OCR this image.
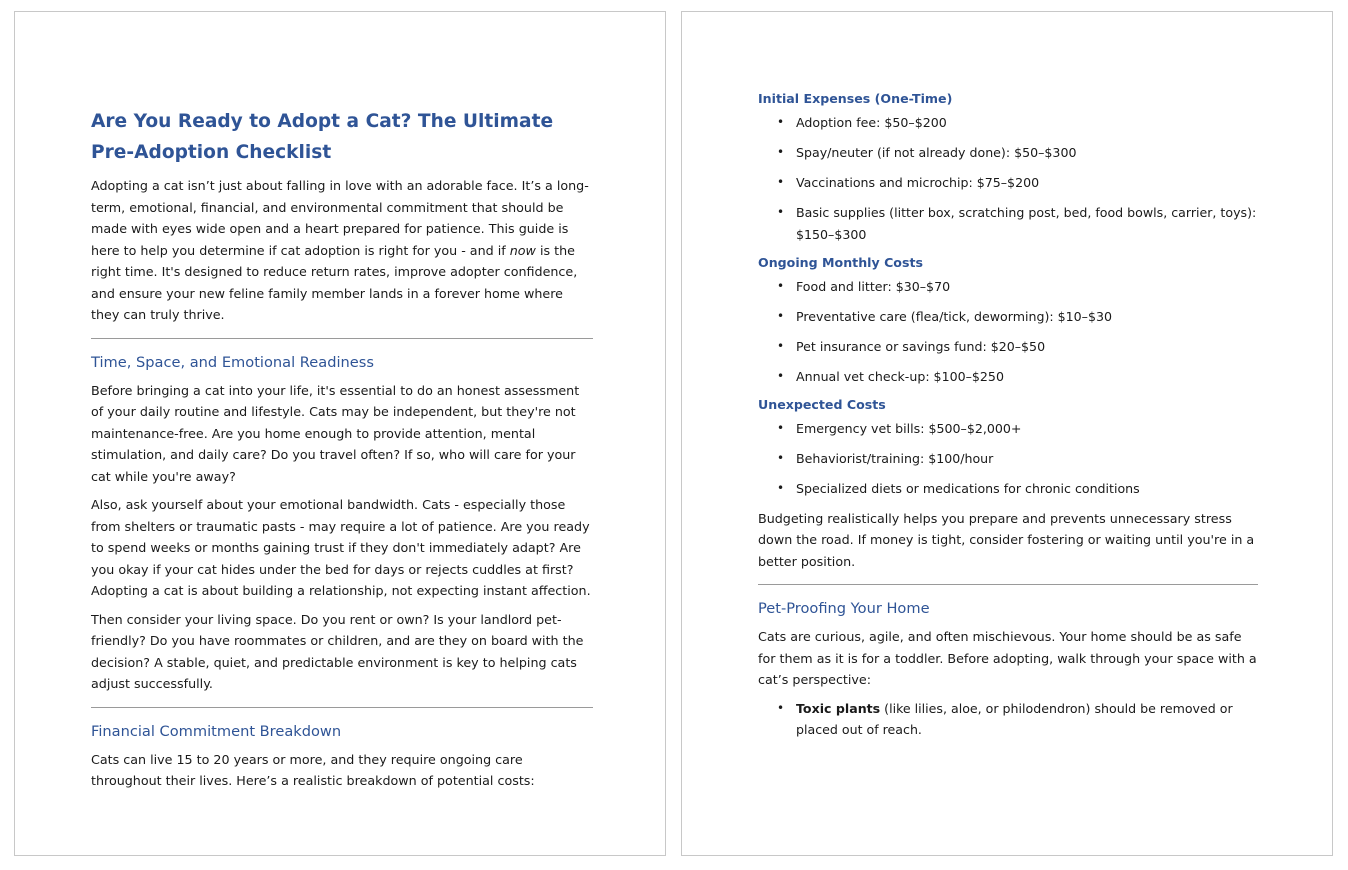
Are You Ready to Adopt a Cat? The Ultimate Pre-Adoption Checklist

Adopting a cat isn’t just about falling in love with an adorable face. It’s a long-term, emotional, financial, and environmental commitment that should be made with eyes wide open and a heart prepared for patience. This guide is here to help you determine if cat adoption is right for you - and if now is the right time. It's designed to reduce return rates, improve adopter confidence, and ensure your new feline family member lands in a forever home where they can truly thrive.

Time, Space, and Emotional Readiness

Before bringing a cat into your life, it's essential to do an honest assessment of your daily routine and lifestyle. Cats may be independent, but they're not maintenance-free. Are you home enough to provide attention, mental stimulation, and daily care? Do you travel often? If so, who will care for your cat while you're away?

Also, ask yourself about your emotional bandwidth. Cats - especially those from shelters or traumatic pasts - may require a lot of patience. Are you ready to spend weeks or months gaining trust if they don't immediately adapt? Are you okay if your cat hides under the bed for days or rejects cuddles at first? Adopting a cat is about building a relationship, not expecting instant affection.

Then consider your living space. Do you rent or own? Is your landlord pet-friendly? Do you have roommates or children, and are they on board with the decision? A stable, quiet, and predictable environment is key to helping cats adjust successfully.

Financial Commitment Breakdown

Cats can live 15 to 20 years or more, and they require ongoing care throughout their lives. Here’s a realistic breakdown of potential costs:

Initial Expenses (One-Time)
• Adoption fee: $50–$200
• Spay/neuter (if not already done): $50–$300
• Vaccinations and microchip: $75–$200
• Basic supplies (litter box, scratching post, bed, food bowls, carrier, toys): $150–$300
Ongoing Monthly Costs
• Food and litter: $30–$70
• Preventative care (flea/tick, deworming): $10–$30
• Pet insurance or savings fund: $20–$50
• Annual vet check-up: $100–$250
Unexpected Costs
• Emergency vet bills: $500–$2,000+
• Behaviorist/training: $100/hour
• Specialized diets or medications for chronic conditions

Budgeting realistically helps you prepare and prevents unnecessary stress down the road. If money is tight, consider fostering or waiting until you're in a better position.

Pet-Proofing Your Home

Cats are curious, agile, and often mischievous. Your home should be as safe for them as it is for a toddler. Before adopting, walk through your space with a cat’s perspective:

• Toxic plants (like lilies, aloe, or philodendron) should be removed or placed out of reach.
